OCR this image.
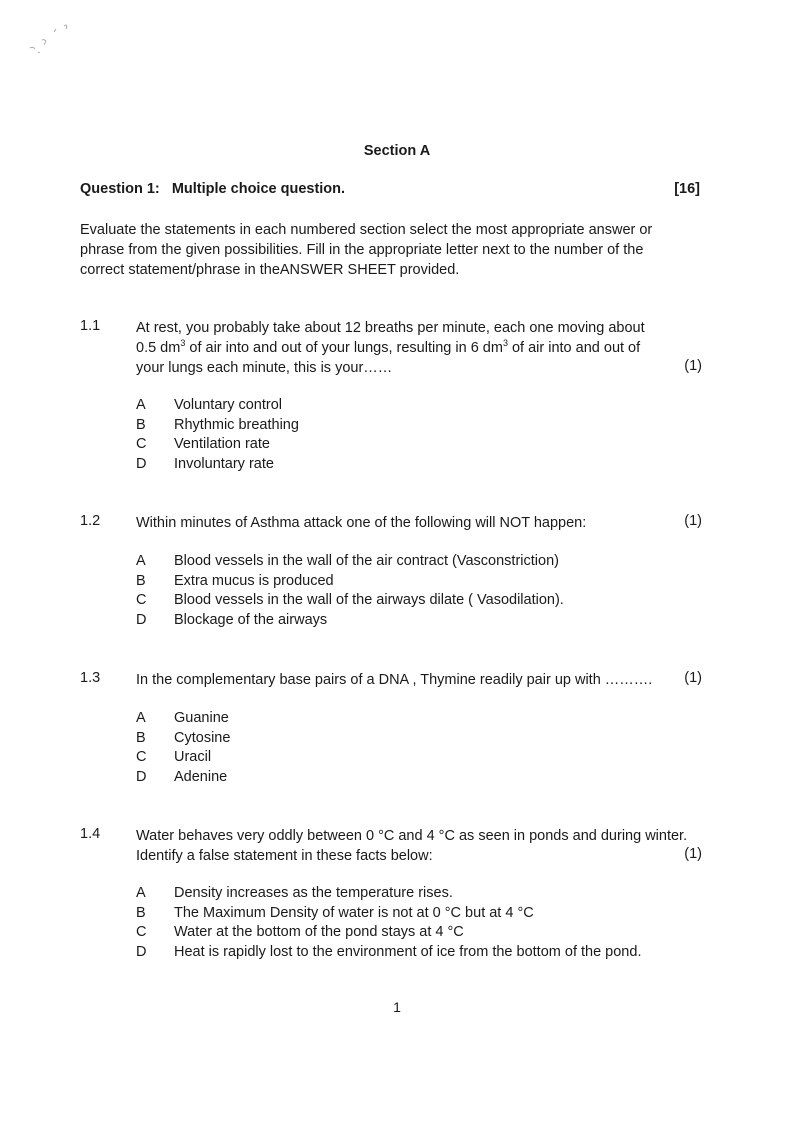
Section A
Question 1:   Multiple choice question.	[16]
Evaluate the statements in each numbered section select the most appropriate answer or phrase from the given possibilities. Fill in the appropriate letter next to the number of the correct statement/phrase in theANSWER SHEET provided.
1.1 At rest, you probably take about 12 breaths per minute, each one moving about 0.5 $dm^3$ of air into and out of your lungs, resulting in 6 $dm^3$ of air into and out of your lungs each minute, this is your……	(1)
A	Voluntary control
B	Rhythmic breathing
C	Ventilation rate
D	Involuntary rate
1.2 Within minutes of Asthma attack one of the following will NOT happen:	(1)
A	Blood vessels in the wall of the air contract (Vasconstriction)
B	Extra mucus is produced
C	Blood vessels in the wall of the airways dilate ( Vasodilation).
D	Blockage of the airways
1.3 In the complementary base pairs of a DNA , Thymine readily pair up with ……….	(1)
A	Guanine
B	Cytosine
C	Uracil
D	Adenine
1.4 Water behaves very oddly between 0 °C and 4 °C as seen in ponds and during winter.
Identify a false statement in these facts below:	(1)
A	Density increases as the temperature rises.
B	The Maximum Density of water is not at 0 °C but at 4 °C
C	Water at the bottom of the pond stays at 4 °C
D	Heat is rapidly lost to the environment of ice from the bottom of the pond.
1
